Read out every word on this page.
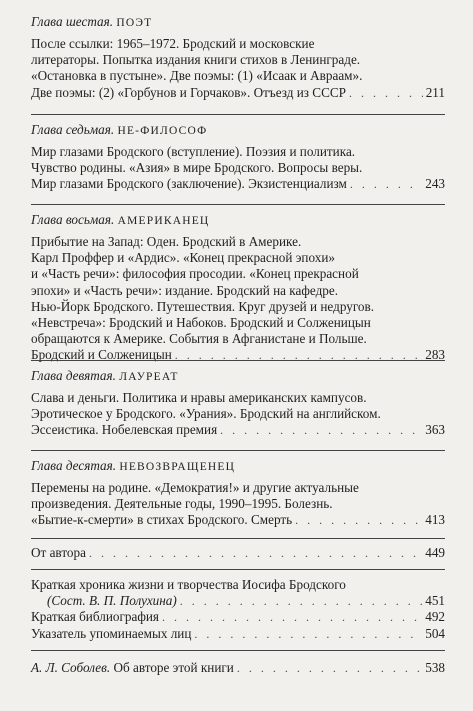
Глава шестая. ПОЭТ
После ссылки: 1965–1972. Бродский и московские
литераторы. Попытка издания книги стихов в Ленинграде.
«Остановка в пустыне». Две поэмы: (1) «Исаак и Авраам».
Две поэмы: (2) «Горбунов и Горчаков». Отъезд из СССР . . .	211
Глава седьмая. НЕ-ФИЛОСОФ
Мир глазами Бродского (вступление). Поэзия и политика.
Чувство родины. «Азия» в мире Бродского. Вопросы веры.
Мир глазами Бродского (заключение). Экзистенциализм . . .	243
Глава восьмая. АМЕРИКАНЕЦ
Прибытие на Запад: Оден. Бродский в Америке.
Карл Проффер и «Ардис». «Конец прекрасной эпохи»
и «Часть речи»: философия просодии. «Конец прекрасной
эпохи» и «Часть речи»: издание. Бродский на кафедре.
Нью-Йорк Бродского. Путешествия. Круг друзей и недругов.
«Невстреча»: Бродский и Набоков. Бродский и Солженицын
обращаются к Америке. События в Афганистане и Польше.
Бродский и Солженицын . . .	283
Глава девятая. ЛАУРЕАТ
Слава и деньги. Политика и нравы американских кампусов.
Эротическое у Бродского. «Урания». Бродский на английском.
Эссеистика. Нобелевская премия . . .	363
Глава десятая. НЕВОЗВРАЩЕНЕЦ
Перемены на родине. «Демократия!» и другие актуальные
произведения. Деятельные годы, 1990–1995. Болезнь.
«Бытие-к-смерти» в стихах Бродского. Смерть . . .	413
От автора . . .	449
Краткая хроника жизни и творчества Иосифа Бродского
(Сост. В. П. Полухина) . . .	451
Краткая библиография . . .	492
Указатель упоминаемых лиц . . .	504
А. Л. Соболев. Об авторе этой книги . . .	538
